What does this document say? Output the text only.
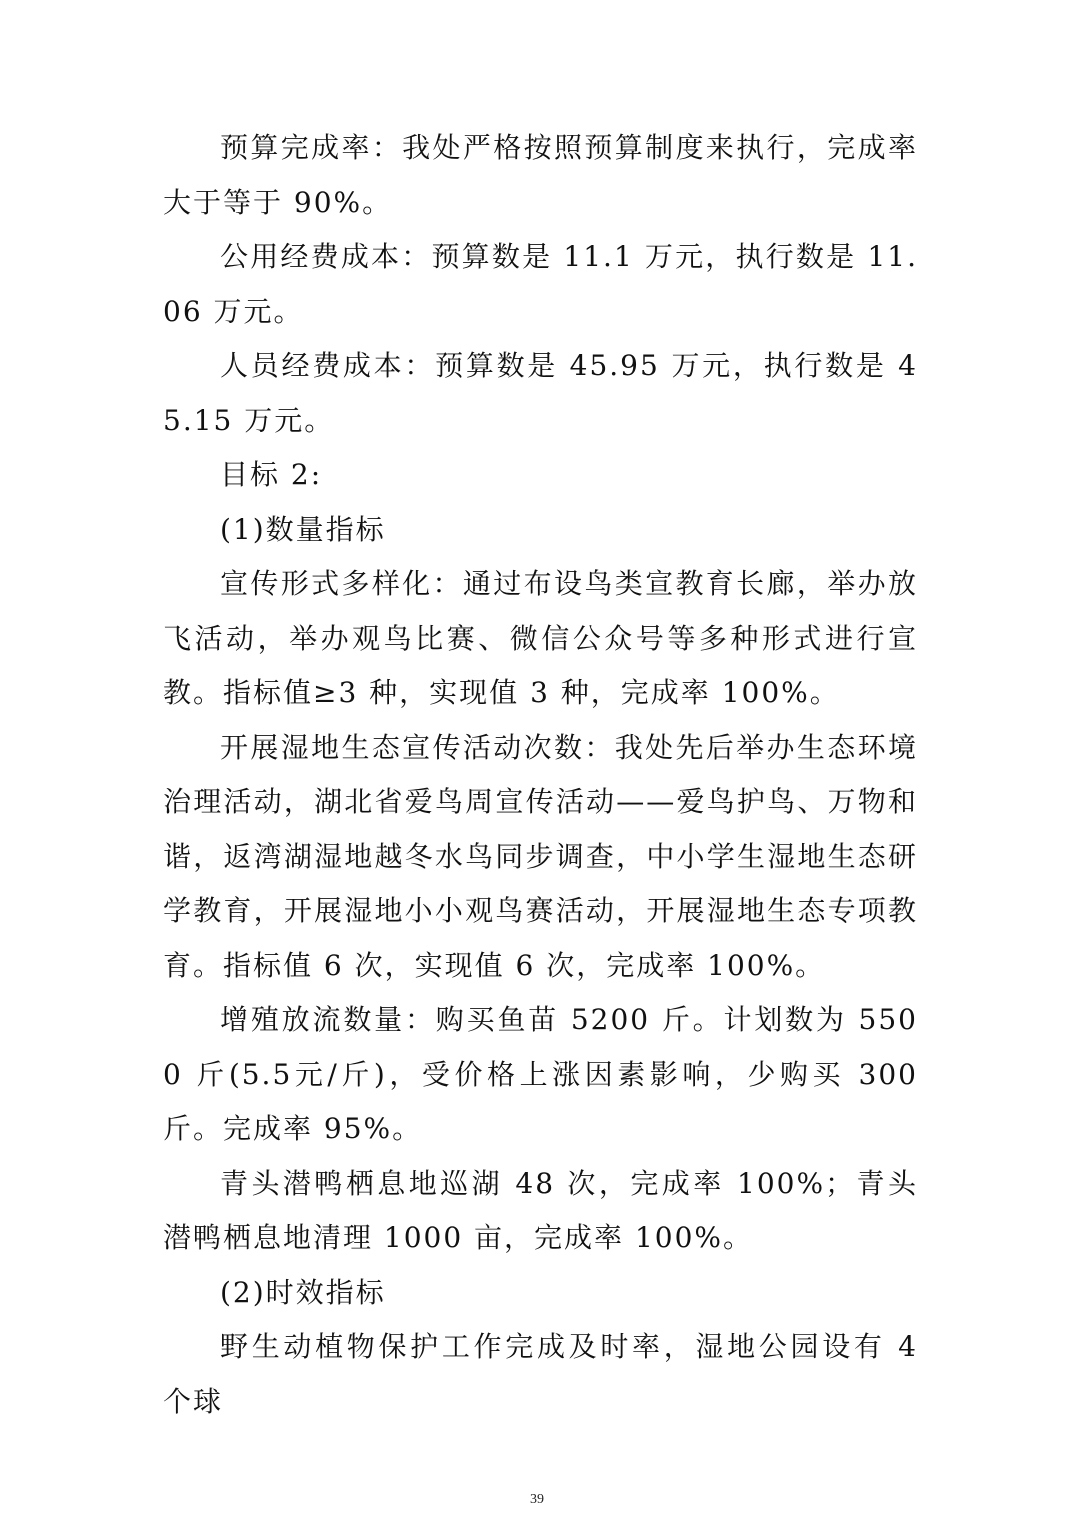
预算完成率：我处严格按照预算制度来执行，完成率大于等于 90%。

公用经费成本：预算数是 11.1 万元，执行数是 11.06 万元。

人员经费成本：预算数是 45.95 万元，执行数是 45.15 万元。

目标 2:

(1)数量指标

宣传形式多样化：通过布设鸟类宣教育长廊，举办放飞活动，举办观鸟比赛、微信公众号等多种形式进行宣教。指标值≥3 种，实现值 3 种，完成率 100%。

开展湿地生态宣传活动次数：我处先后举办生态环境治理活动，湖北省爱鸟周宣传活动——爱鸟护鸟、万物和谐，返湾湖湿地越冬水鸟同步调查，中小学生湿地生态研学教育，开展湿地小小观鸟赛活动，开展湿地生态专项教育。指标值 6 次，实现值 6 次，完成率 100%。

增殖放流数量：购买鱼苗 5200 斤。计划数为 5500 斤(5.5元/斤)，受价格上涨因素影响，少购买 300 斤。完成率 95%。

青头潜鸭栖息地巡湖 48 次，完成率 100%；青头潜鸭栖息地清理 1000 亩，完成率 100%。

(2)时效指标

野生动植物保护工作完成及时率，湿地公园设有 4 个球

39
